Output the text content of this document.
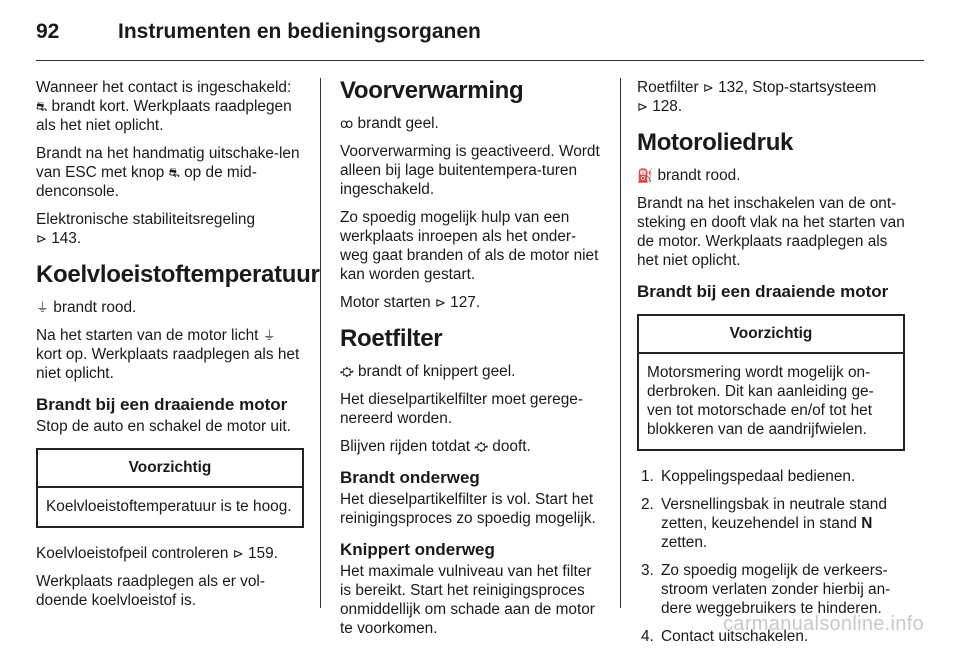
92	Instrumenten en bedieningsorganen

Wanneer het contact is ingeschakeld:
⛐ brandt kort. Werkplaats raadplegen als het niet oplicht.

Brandt na het handmatig uitschake-len van ESC met knop ⛐ op de mid-denconsole.

Elektronische stabiliteitsregeling
⊳ 143.

Koelvloeistoftemperatuur

⏚ brandt rood.

Na het starten van de motor licht ⏚ kort op. Werkplaats raadplegen als het niet oplicht.

Brandt bij een draaiende motor

Stop de auto en schakel de motor uit.

Voorzichtig
Koelvloeistoftemperatuur is te hoog.

Koelvloeistofpeil controleren ⊳ 159.

Werkplaats raadplegen als er vol-doende koelvloeistof is.

Voorverwarming

ꝏ brandt geel.

Voorverwarming is geactiveerd. Wordt alleen bij lage buitentempera-turen ingeschakeld.

Zo spoedig mogelijk hulp van een werkplaats inroepen als het onder-weg gaat branden of als de motor niet kan worden gestart.

Motor starten ⊳ 127.

Roetfilter

⛮ brandt of knippert geel.

Het dieselpartikelfilter moet gerege-nereerd worden.

Blijven rijden totdat ⛮ dooft.

Brandt onderweg

Het dieselpartikelfilter is vol. Start het reinigingsproces zo spoedig mogelijk.

Knippert onderweg

Het maximale vulniveau van het filter is bereikt. Start het reinigingsproces onmiddellijk om schade aan de motor te voorkomen.

Roetfilter ⊳ 132, Stop-startsysteem
⊳ 128.

Motoroliedruk

⛽ brandt rood.

Brandt na het inschakelen van de ont-steking en dooft vlak na het starten van de motor. Werkplaats raadplegen als het niet oplicht.

Brandt bij een draaiende motor
Voorzichtig
Motorsmering wordt mogelijk on-derbroken. Dit kan aanleiding ge-ven tot motorschade en/of tot het blokkeren van de aandrijfwielen.
1. Koppelingspedaal bedienen.
2. Versnellingsbak in neutrale stand zetten, keuzehendel in stand N zetten.
3. Zo spoedig mogelijk de verkeers-stroom verlaten zonder hierbij an-dere weggebruikers te hinderen.
4. Contact uitschakelen.
carmanualsonline.info
